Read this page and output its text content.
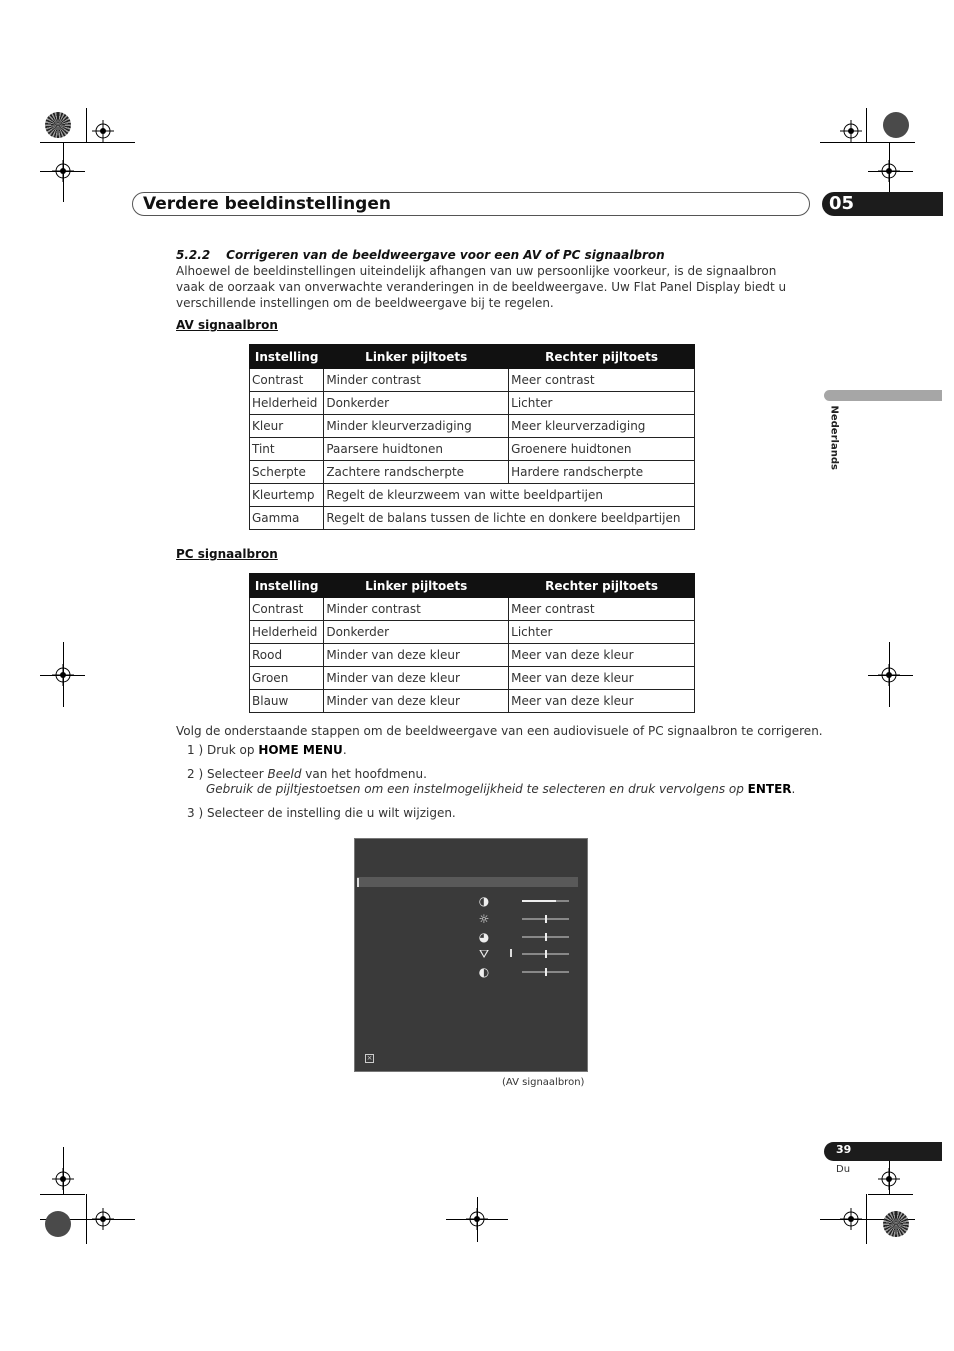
Verdere beeldinstellingen	05
Nederlands
5.2.2 Corrigeren van de beeldweergave voor een AV of PC signaalbron
Alhoewel de beeldinstellingen uiteindelijk afhangen van uw persoonlijke voorkeur, is de signaalbron vaak de oorzaak van onverwachte veranderingen in de beeldweergave. Uw Flat Panel Display biedt u verschillende instellingen om de beeldweergave bij te regelen.
AV signaalbron
Instelling	Linker pijltoets	Rechter pijltoets
Contrast	Minder contrast	Meer contrast
Helderheid	Donkerder	Lichter
Kleur	Minder kleurverzadiging	Meer kleurverzadiging
Tint	Paarsere huidtonen	Groenere huidtonen
Scherpte	Zachtere randscherpte	Hardere randscherpte
Kleurtemp	Regelt de kleurzweem van witte beeldpartijen	
Gamma	Regelt de balans tussen de lichte en donkere beeldpartijen	
PC signaalbron
Instelling	Linker pijltoets	Rechter pijltoets
Contrast	Minder contrast	Meer contrast
Helderheid	Donkerder	Lichter
Rood	Minder van deze kleur	Meer van deze kleur
Groen	Minder van deze kleur	Meer van deze kleur
Blauw	Minder van deze kleur	Meer van deze kleur
Volg de onderstaande stappen om de beeldweergave van een audiovisuele of PC signaalbron te corrigeren.
1 ) Druk op HOME MENU.
2 ) Selecteer Beeld van het hoofdmenu.
Gebruik de pijltjestoetsen om een instelmogelijkheid te selecteren en druk vervolgens op ENTER.
3 ) Selecteer de instelling die u wilt wijzigen.
◑
☼
◕
⛛
◐
×
(AV signaalbron)
39
Du
